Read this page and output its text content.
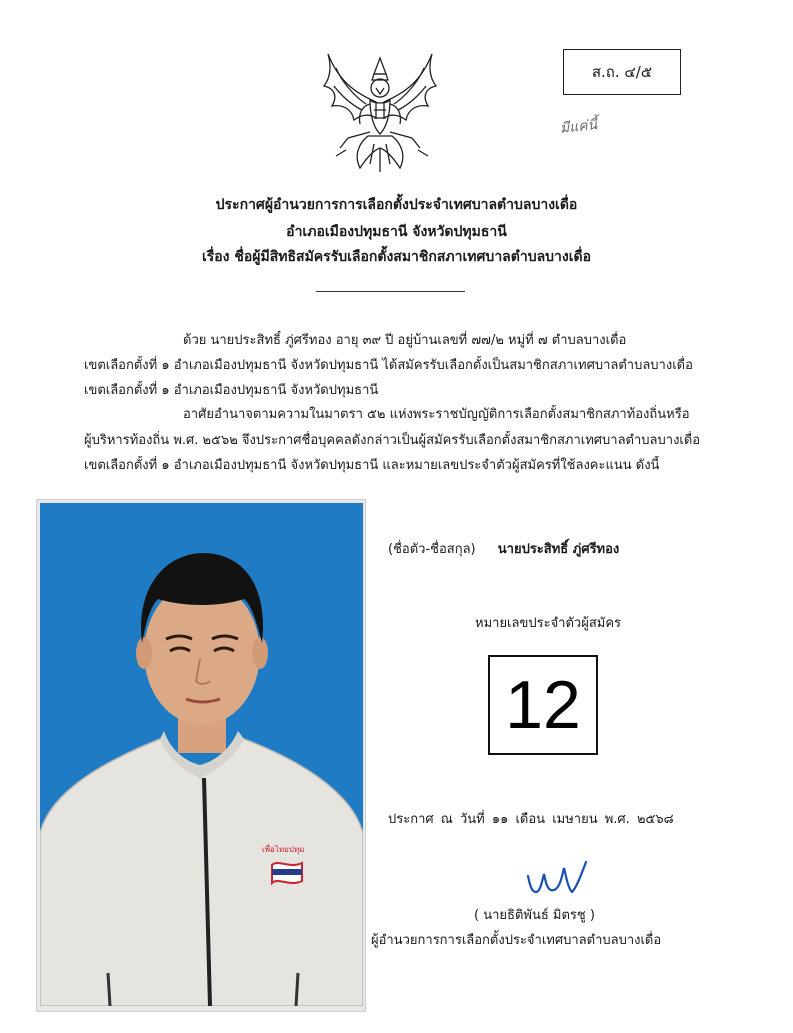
ส.ถ. ๔/๕
มีแค่นี้
ประกาศผู้อำนวยการการเลือกตั้งประจำเทศบาลตำบลบางเดื่อ
อำเภอเมืองปทุมธานี จังหวัดปทุมธานี
เรื่อง ชื่อผู้มีสิทธิสมัครรับเลือกตั้งสมาชิกสภาเทศบาลตำบลบางเดื่อ
ด้วย นายประสิทธิ์ ภู่ศรีทอง อายุ ๓๙ ปี อยู่บ้านเลขที่ ๗๗/๒ หมู่ที่ ๗ ตำบลบางเดื่อ
เขตเลือกตั้งที่ ๑ อำเภอเมืองปทุมธานี จังหวัดปทุมธานี ได้สมัครรับเลือกตั้งเป็นสมาชิกสภาเทศบาลตำบลบางเดื่อ
เขตเลือกตั้งที่ ๑ อำเภอเมืองปทุมธานี จังหวัดปทุมธานี
อาศัยอำนาจตามความในมาตรา ๕๒ แห่งพระราชบัญญัติการเลือกตั้งสมาชิกสภาท้องถิ่นหรือ
ผู้บริหารท้องถิ่น พ.ศ. ๒๕๖๒ จึงประกาศชื่อบุคคลดังกล่าวเป็นผู้สมัครรับเลือกตั้งสมาชิกสภาเทศบาลตำบลบางเดื่อ
เขตเลือกตั้งที่ ๑ อำเภอเมืองปทุมธานี จังหวัดปทุมธานี และหมายเลขประจำตัวผู้สมัครที่ใช้ลงคะแนน ดังนี้
เพื่อไทยปทุม
(ชื่อตัว-ชื่อสกุล) นายประสิทธิ์ ภู่ศรีทอง
หมายเลขประจำตัวผู้สมัคร
12
ประกาศ ณ วันที่ ๑๑ เดือน เมษายน พ.ศ. ๒๕๖๘
( นายธิติพันธ์ มิตรชู )
ผู้อำนวยการการเลือกตั้งประจำเทศบาลตำบลบางเดื่อ
